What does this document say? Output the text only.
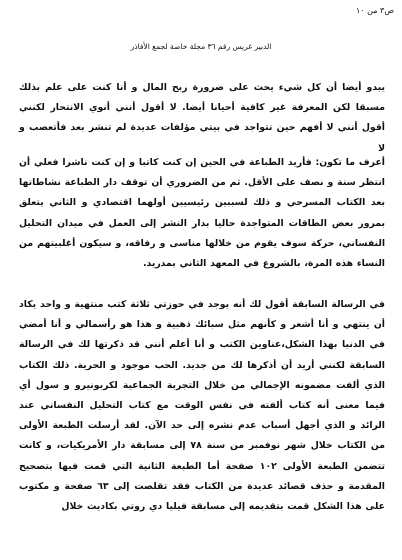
ص٣ من ١٠
الدبير غريس رقم ٣٦ مجلة خاصة لجمع الأفاذر

يبدو أيضا أن كل شيء يحث على ضرورة ربح المال و أنا كنت على علم بذلك مسبقا لكن المعرفة غير كافية أحيانا أيضا. لا أقول أنني أنوي الانتحار لكنني أقول أنني لا أفهم حين تتواجد في بيتي مؤلفات عديدة لم تنشر بعد فأتعصب و لا

أعرف ما تكون: فأريد الطباعة في الحين إن كنت كاتبا و إن كنت ناشرا فعلي أن انتظر سنة و نصف على الأقل. ثم من الضروري أن توقف دار الطباعة نشاطاتها بعد الكتاب المسرحي و ذلك لسببين رئيسيين أولهما اقتصادي و الثاني يتعلق بمرور بعض الطاقات المتواجدة حاليا بدار النشر إلى العمل في ميدان التحليل النفساني، حركة سوف يقوم من خلالها مناسى و رفاقه، و سيكون أغلبيتهم من النساء هذه المرة، بالشروع في المعهد الثاني بمدريد.

في الرسالة السابقة أقول لك أنه يوجد في حوزتي ثلاثة كتب منتهية و واحد يكاد أن ينتهي و أنا أشعر و كأنهم مثل سبائك ذهبية و هذا هو رأسمالي و أنا أمضي في الدنيا بهذا الشكل،عناوين الكتب و أنا أعلم أنني قد ذكرتها لك في الرسالة السابقة لكنني أريد أن أذكرها لك من جديد. الحب موجود و الحرية. ذلك الكتاب الذي ألفت مضمونه الإجمالي من خلال التجربة الجماعية لكربونيرو و سول أي فيما معنى أنه كتاب ألفته في نفس الوقت مع كتاب التحليل النفساني عند الرائد و الذي أجهل أسباب عدم نشره إلى حد الآن. لقد أرسلت الطبعة الأولى من الكتاب خلال شهر نوفمبر من سنة ٧٨ إلى مسابقة دار الأمريكيات، و كانت تتضمن الطبعة الأولى ١٠٢ صفحة أما الطبعة الثانية التي قمت فيها بتصحيح المقدمة و حذف قصائد عديدة من الكتاب فقد تقلصت إلى ٦٣ صفحة و مكتوب على هذا الشكل قمت بتقديمه إلى مسابقة فيليا دي روتي بكاديث خلال
